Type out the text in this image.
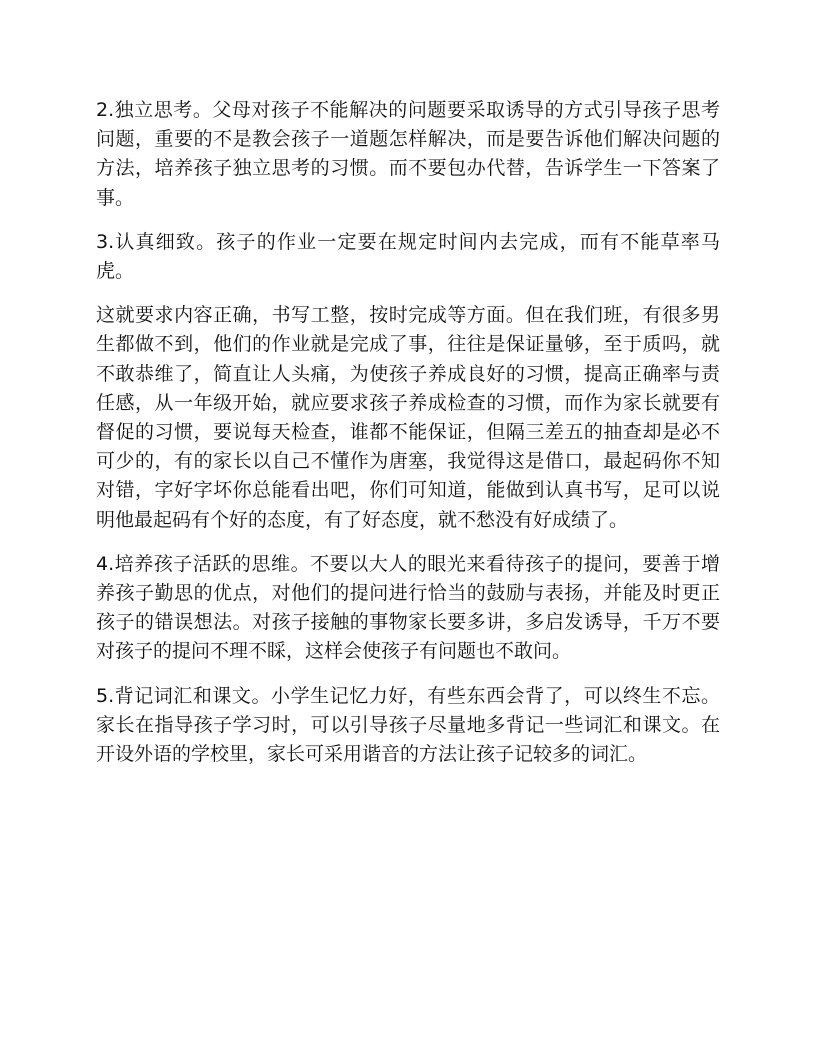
2.独立思考。父母对孩子不能解决的问题要采取诱导的方式引导孩子思考问题，重要的不是教会孩子一道题怎样解决，而是要告诉他们解决问题的方法，培养孩子独立思考的习惯。而不要包办代替，告诉学生一下答案了事。

3.认真细致。孩子的作业一定要在规定时间内去完成，而有不能草率马虎。

这就要求内容正确，书写工整，按时完成等方面。但在我们班，有很多男生都做不到，他们的作业就是完成了事，往往是保证量够，至于质吗，就不敢恭维了，简直让人头痛，为使孩子养成良好的习惯，提高正确率与责任感，从一年级开始，就应要求孩子养成检查的习惯，而作为家长就要有督促的习惯，要说每天检查，谁都不能保证，但隔三差五的抽查却是必不可少的，有的家长以自己不懂作为唐塞，我觉得这是借口，最起码你不知对错，字好字坏你总能看出吧，你们可知道，能做到认真书写，足可以说明他最起码有个好的态度，有了好态度，就不愁没有好成绩了。

4.培养孩子活跃的思维。不要以大人的眼光来看待孩子的提问，要善于增养孩子勤思的优点，对他们的提问进行恰当的鼓励与表扬，并能及时更正孩子的错误想法。对孩子接触的事物家长要多讲，多启发诱导，千万不要对孩子的提问不理不睬，这样会使孩子有问题也不敢问。

5.背记词汇和课文。小学生记忆力好，有些东西会背了，可以终生不忘。家长在指导孩子学习时，可以引导孩子尽量地多背记一些词汇和课文。在开设外语的学校里，家长可采用谐音的方法让孩子记较多的词汇。
